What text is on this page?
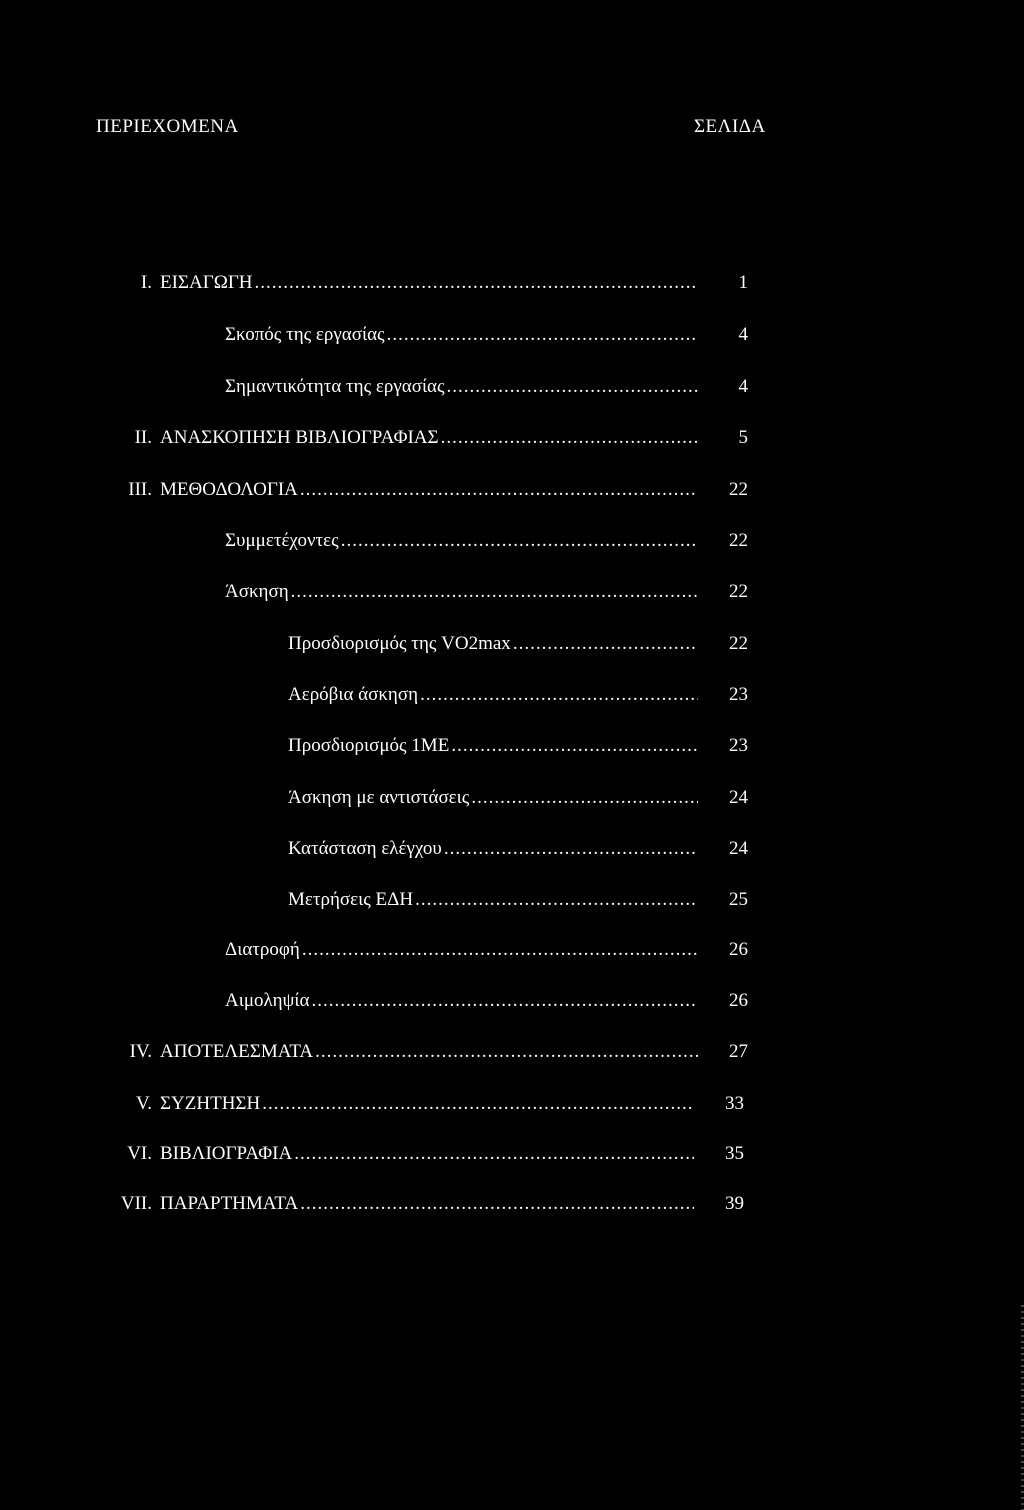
ΠΕΡΙΕΧΟΜΕΝΑ	ΣΕΛΙΔΑ
I. ΕΙΣΑΓΩΓΗ .....	1
Σκοπός της εργασίας .....	4
Σημαντικότητα της εργασίας .....	4
II. ΑΝΑΣΚΟΠΗΣΗ ΒΙΒΛΙΟΓΡΑΦΙΑΣ .....	5
III. ΜΕΘΟΔΟΛΟΓΙΑ .....	22
Συμμετέχοντες .....	22
Άσκηση .....	22
Προσδιορισμός της VO2max .....	22
Αερόβια άσκηση .....	23
Προσδιορισμός 1ΜΕ .....	23
Άσκηση με αντιστάσεις .....	24
Κατάσταση ελέγχου .....	24
Μετρήσεις ΕΔΗ .....	25
Διατροφή .....	26
Αιμοληψία .....	26
IV. ΑΠΟΤΕΛΕΣΜΑΤΑ .....	27
V. ΣΥΖΗΤΗΣΗ .....	33
VI. ΒΙΒΛΙΟΓΡΑΦΙΑ .....	35
VII. ΠΑΡΑΡΤΗΜΑΤΑ .....	39
